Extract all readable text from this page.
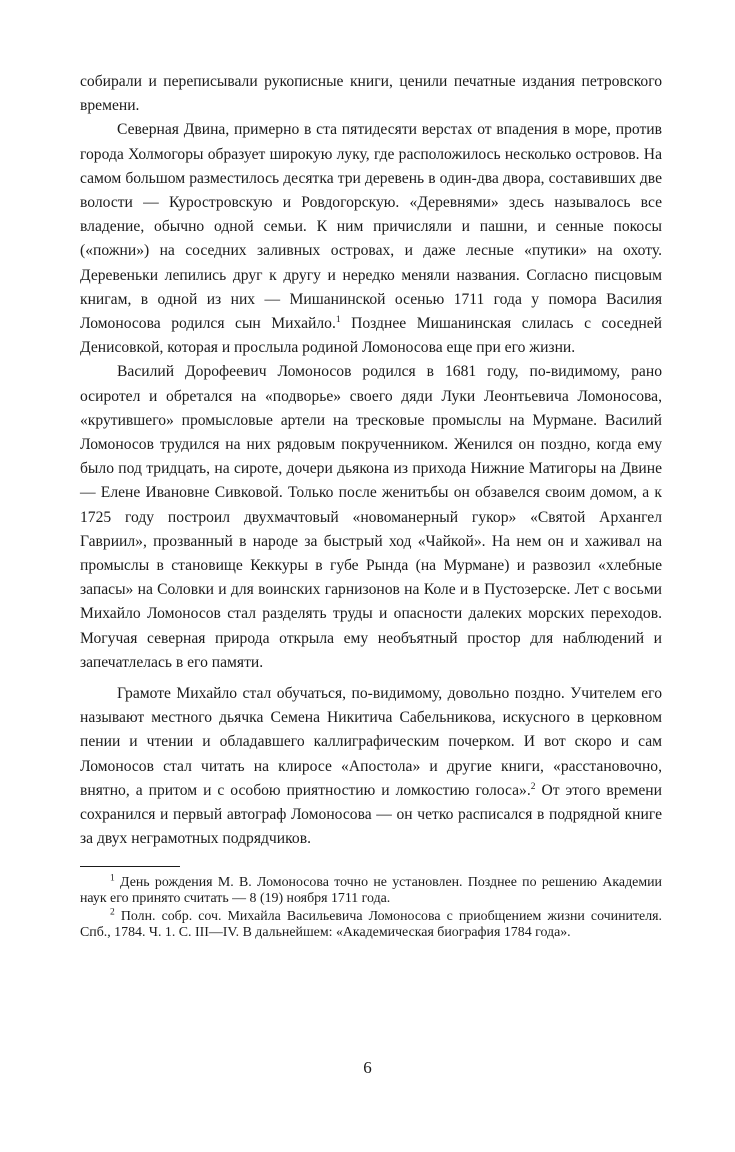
собирали и переписывали рукописные книги, ценили печатные издания петровского времени.

Северная Двина, примерно в ста пятидесяти верстах от впадения в море, против города Холмогоры образует широкую луку, где расположилось несколько островов. На самом большом разместилось десятка три деревень в один-два двора, составивших две волости — Куростровскую и Ровдогорскую. «Деревнями» здесь называлось все владение, обычно одной семьи. К ним причисляли и пашни, и сенные покосы («пожни») на соседних заливных островах, и даже лесные «путики» на охоту. Деревеньки лепились друг к другу и нередко меняли названия. Согласно писцовым книгам, в одной из них — Мишанинской осенью 1711 года у помора Василия Ломоносова родился сын Михайло.$^1$ Позднее Мишанинская слилась с соседней Денисовкой, которая и прослыла родиной Ломоносова еще при его жизни.

Василий Дорофеевич Ломоносов родился в 1681 году, по-видимому, рано осиротел и обретался на «подворье» своего дяди Луки Леонтьевича Ломоносова, «крутившего» промысловые артели на тресковые промыслы на Мурмане. Василий Ломоносов трудился на них рядовым покрученником. Женился он поздно, когда ему было под тридцать, на сироте, дочери дьякона из прихода Нижние Матигоры на Двине — Елене Ивановне Сивковой. Только после женитьбы он обзавелся своим домом, а к 1725 году построил двухмачтовый «новоманерный гукор» «Святой Архангел Гавриил», прозванный в народе за быстрый ход «Чайкой». На нем он и хаживал на промыслы в становище Кеккуры в губе Рында (на Мурмане) и развозил «хлебные запасы» на Соловки и для воинских гарнизонов на Коле и в Пустозерске. Лет с восьми Михайло Ломоносов стал разделять труды и опасности далеких морских переходов. Могучая северная природа открыла ему необъятный простор для наблюдений и запечатлелась в его памяти.

Грамоте Михайло стал обучаться, по-видимому, довольно поздно. Учителем его называют местного дьячка Семена Никитича Сабельникова, искусного в церковном пении и чтении и обладавшего каллиграфическим почерком. И вот скоро и сам Ломоносов стал читать на клиросе «Апостола» и другие книги, «расстановочно, внятно, а притом и с особою приятностию и ломкостию голоса».$^2$ От этого времени сохранился и первый автограф Ломоносова — он четко расписался в подрядной книге за двух неграмотных подрядчиков.

$^1$ День рождения М. В. Ломоносова точно не установлен. Позднее по решению Академии наук его принято считать — 8 (19) ноября 1711 года.

$^2$ Полн. собр. соч. Михайла Васильевича Ломоносова с приобщением жизни сочинителя. Спб., 1784. Ч. 1. С. III—IV. В дальнейшем: «Академическая биография 1784 года».

6
